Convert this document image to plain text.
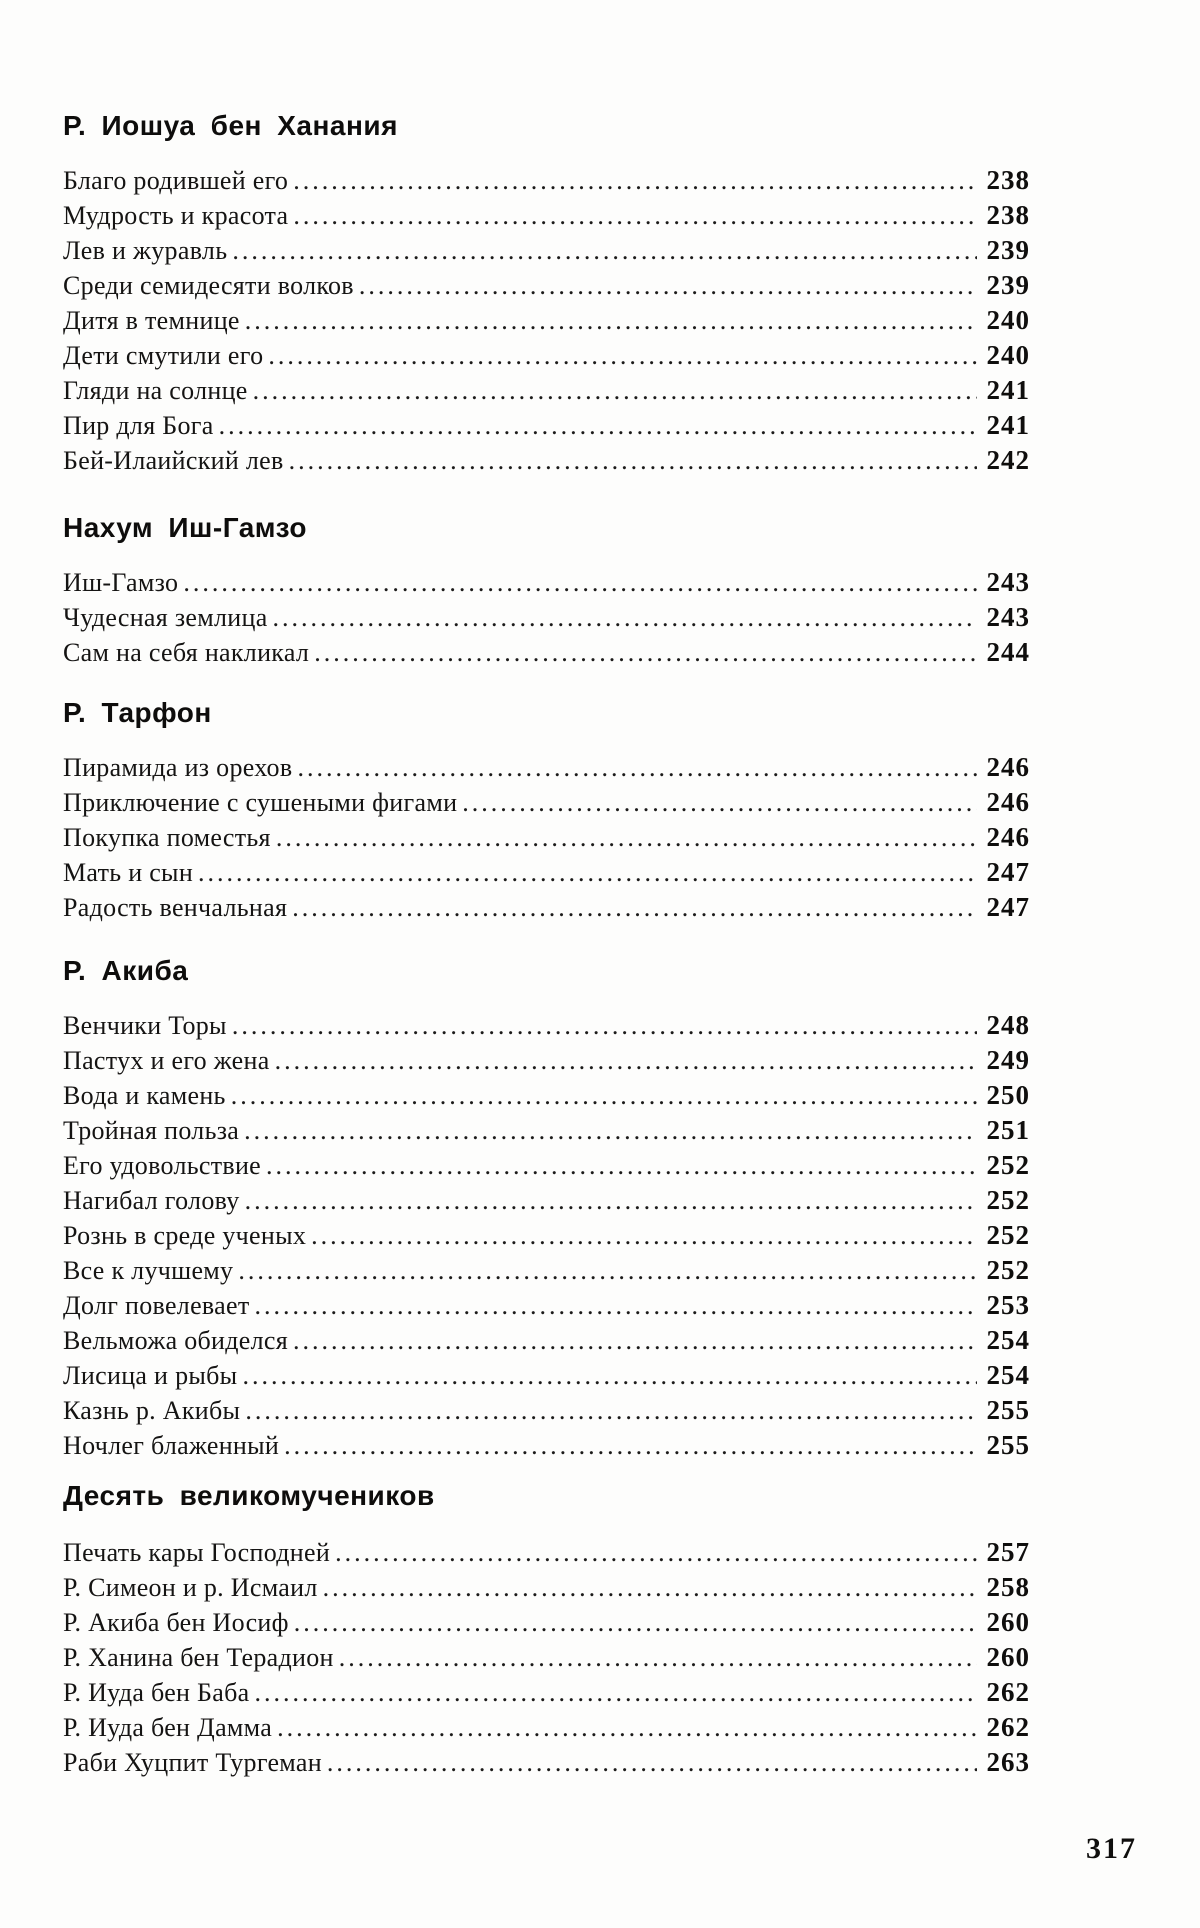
Р. Иошуа бен Ханания
Благо родившей его .....	238
Мудрость и красота .....	238
Лев и журавль .....	239
Среди семидесяти волков .....	239
Дитя в темнице .....	240
Дети смутили его .....	240
Гляди на солнце .....	241
Пир для Бога .....	241
Бей-Илаийский лев .....	242
Нахум Иш-Гамзо
Иш-Гамзо .....	243
Чудесная землица .....	243
Сам на себя накликал .....	244
Р. Тарфон
Пирамида из орехов .....	246
Приключение с сушеными фигами .....	246
Покупка поместья .....	246
Мать и сын .....	247
Радость венчальная .....	247
Р. Акиба
Венчики Торы .....	248
Пастух и его жена .....	249
Вода и камень .....	250
Тройная польза .....	251
Его удовольствие .....	252
Нагибал голову .....	252
Рознь в среде ученых .....	252
Все к лучшему .....	252
Долг повелевает .....	253
Вельможа обиделся .....	254
Лисица и рыбы .....	254
Казнь р. Акибы .....	255
Ночлег блаженный .....	255
Десять великомучеников
Печать кары Господней .....	257
Р. Симеон и р. Исмаил .....	258
Р. Акиба бен Иосиф .....	260
Р. Ханина бен Терадион .....	260
Р. Иуда бен Баба .....	262
Р. Иуда бен Дамма .....	262
Раби Хуцпит Тургеман .....	263
317
